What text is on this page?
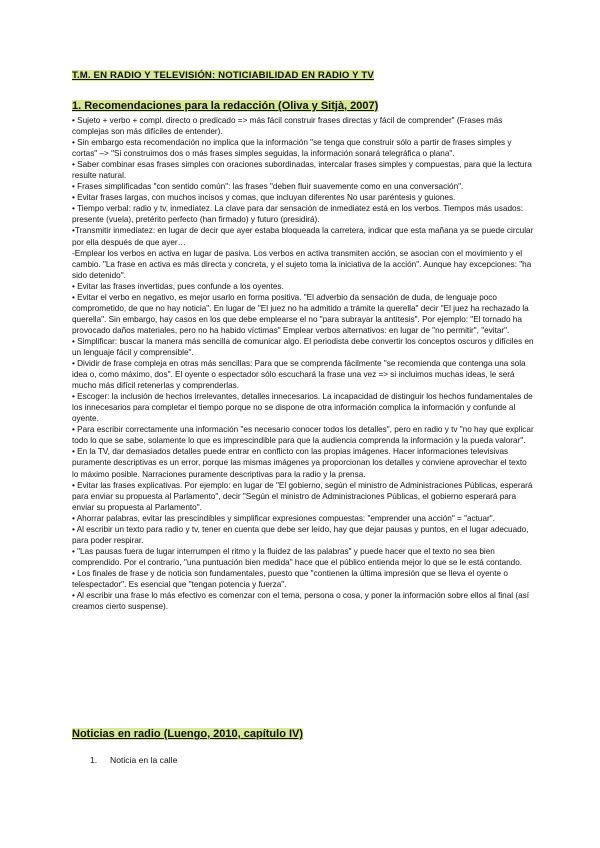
T.M. EN RADIO Y TELEVISIÓN: NOTICIABILIDAD EN RADIO Y TV
1. Recomendaciones para la redacción (Oliva y Sitjà, 2007)

• Sujeto + verbo + compl. directo o predicado => más fácil construir frases directas y fácil de comprender" (Frases más complejas son más difíciles de entender).

• Sin embargo esta recomendación no implica que la información "se tenga que construir sólo a partir de frases simples y cortas" –> "Si construimos dos o más frases simples seguidas, la información sonará telegráfica o plana".

• Saber combinar esas frases simples con oraciones subordinadas, intercalar frases simples y compuestas, para que la lectura resulte natural.

• Frases simplificadas "con sentido común": las frases "deben fluir suavemente como en una conversación".

• Evitar frases largas, con muchos incisos y comas, que incluyan diferentes No usar paréntesis y guiones.

• Tiempo verbal: radio y tv, inmediatez. La clave para dar sensación de inmediatez está en los verbos. Tiempos más usados: presente (vuela), pretérito perfecto (han firmado) y futuro (presidirá).

•Transmitir inmediatez: en lugar de decir que ayer estaba bloqueada la carretera, indicar que esta mañana ya se puede circular por ella después de que ayer…

-Emplear los verbos en activa en lugar de pasiva. Los verbos en activa transmiten acción, se asocian con el movimiento y el cambio. "La frase en activa es más directa y concreta, y el sujeto toma la iniciativa de la acción". Aunque hay excepciones: "ha sido detenido".

• Evitar las frases invertidas, pues confunde a los oyentes.

• Evitar el verbo en negativo, es mejor usarlo en forma positiva. "El adverbio da sensación de duda, de lenguaje poco comprometido, de que no hay noticia". En lugar de "El juez no ha admitido a trámite la querella" decir "El juez ha rechazado la querella". Sin embargo, hay casos en los que debe emplearse el no "para subrayar la antítesis". Por ejemplo: "El tornado ha provocado daños materiales, pero no ha habido víctimas" Emplear verbos alternativos: en lugar de "no permitir", "evitar".

• Simplificar: buscar la manera más sencilla de comunicar algo. El periodista debe convertir los conceptos oscuros y difíciles en un lenguaje fácil y comprensible".

• Dividir de frase compleja en otras más sencillas: Para que se comprenda fácilmente "se recomienda que contenga una sola idea o, como máximo, dos". El oyente o espectador sólo escuchará la frase una vez => si incluimos muchas ideas, le será mucho más difícil retenerlas y comprenderlas.

• Escoger: la inclusión de hechos irrelevantes, detalles innecesarios. La incapacidad de distinguir los hechos fundamentales de los innecesarios para completar el tiempo porque no se dispone de otra información complica la información y confunde al oyente.

• Para escribir correctamente una información "es necesario conocer todos los detalles", pero en radio y tv "no hay que explicar todo lo que se sabe, solamente lo que es imprescindible para que la audiencia comprenda la información y la pueda valorar".

• En la TV, dar demasiados detalles puede entrar en conflicto con las propias imágenes. Hacer informaciones televisivas puramente descriptivas es un error, porque las mismas imágenes ya proporcionan los detalles y conviene aprovechar el texto lo máximo posible. Narraciones puramente descriptivas para la radio y la prensa.

• Evitar las frases explicativas. Por ejemplo: en lugar de "El gobierno, según el ministro de Administraciones Públicas, esperará para enviar su propuesta al Parlamento", decir "Según el ministro de Administraciones Públicas, el gobierno esperará para enviar su propuesta al Parlamento".

• Ahorrar palabras, evitar las prescindibles y simplificar expresiones compuestas: "emprender una acción" = "actuar".

• Al escribir un texto para radio y tv, tener en cuenta que debe ser leído, hay que dejar pausas y puntos, en el lugar adecuado, para poder respirar.

• "Las pausas fuera de lugar interrumpen el ritmo y la fluidez de las palabras" y puede hacer que el texto no sea bien comprendido. Por el contrario, "una puntuación bien medida" hace que el público entienda mejor lo que se le está contando.

• Los finales de frase y de noticia son fundamentales, puesto que "contienen la última impresión que se lleva el oyente o telespectador". Es esencial que "tengan potencia y fuerza".

• Al escribir una frase lo más efectivo es comenzar con el tema, persona o cosa, y poner la información sobre ellos al final (así creamos cierto suspense).

Noticias en radio (Luengo, 2010, capítulo IV)
1. Noticia en la calle
